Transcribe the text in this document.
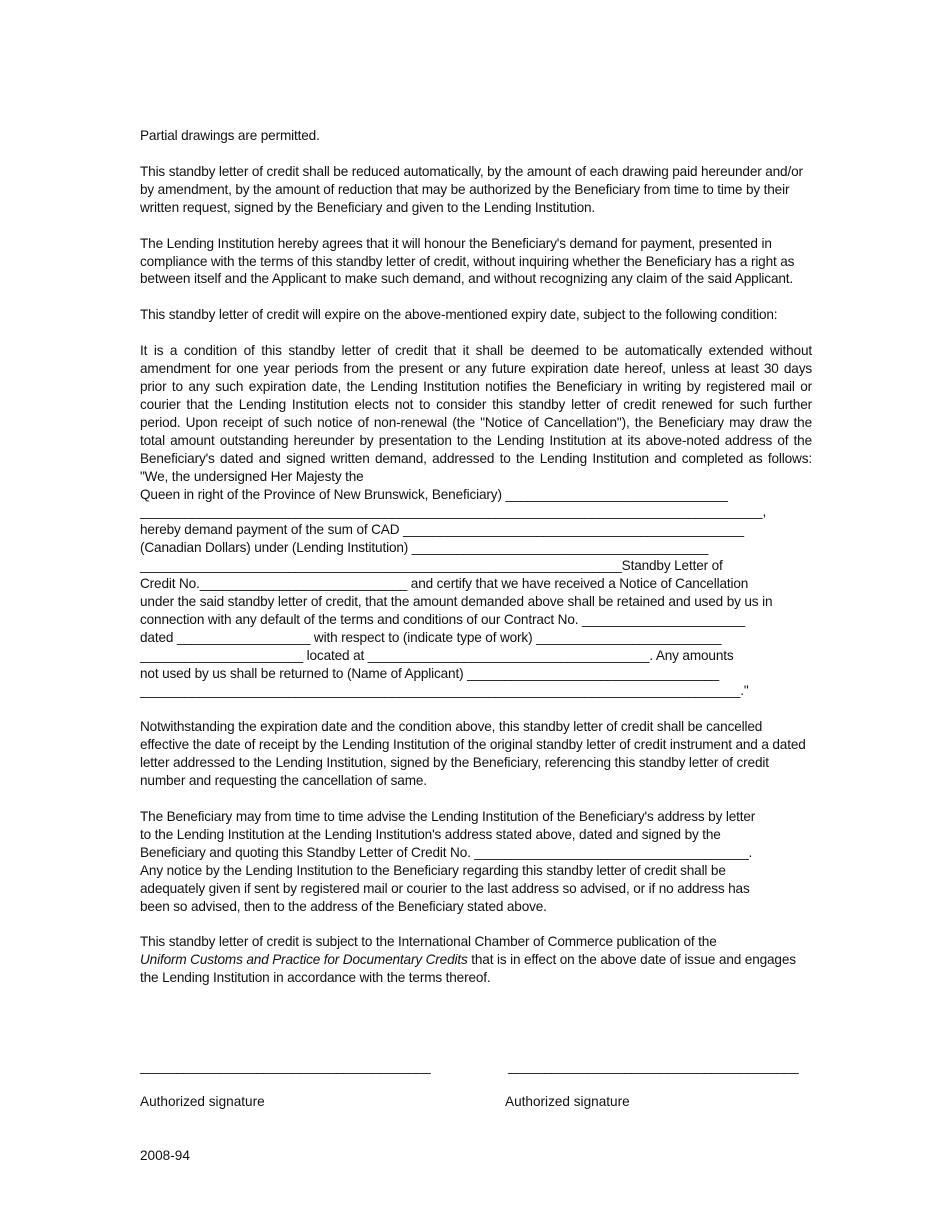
Partial drawings are permitted.

This standby letter of credit shall be reduced automatically, by the amount of each drawing paid hereunder and/or by amendment, by the amount of reduction that may be authorized by the Beneficiary from time to time by their written request, signed by the Beneficiary and given to the Lending Institution.

The Lending Institution hereby agrees that it will honour the Beneficiary's demand for payment, presented in compliance with the terms of this standby letter of credit, without inquiring whether the Beneficiary has a right as between itself and the Applicant to make such demand, and without recognizing any claim of the said Applicant.

This standby letter of credit will expire on the above-mentioned expiry date, subject to the following condition:

It is a condition of this standby letter of credit that it shall be deemed to be automatically extended without amendment for one year periods from the present or any future expiration date hereof, unless at least 30 days prior to any such expiration date, the Lending Institution notifies the Beneficiary in writing by registered mail or courier that the Lending Institution elects not to consider this standby letter of credit renewed for such further period. Upon receipt of such notice of non-renewal (the "Notice of Cancellation"), the Beneficiary may draw the total amount outstanding hereunder by presentation to the Lending Institution at its above-noted address of the Beneficiary's dated and signed written demand, addressed to the Lending Institution and completed as follows: "We, the undersigned Her Majesty the
Queen in right of the Province of New Brunswick, Beneficiary) ______________________________
____________________________________________________________________________________,
hereby demand payment of the sum of CAD ______________________________________________
(Canadian Dollars) under (Lending Institution) ________________________________________
_________________________________________________________________Standby Letter of
Credit No.____________________________ and certify that we have received a Notice of Cancellation
under the said standby letter of credit, that the amount demanded above shall be retained and used by us in
connection with any default of the terms and conditions of our Contract No. ______________________
dated __________________ with respect to (indicate type of work) _________________________
______________________ located at ______________________________________. Any amounts
not used by us shall be returned to (Name of Applicant) __________________________________
_________________________________________________________________________________."

Notwithstanding the expiration date and the condition above, this standby letter of credit shall be cancelled effective the date of receipt by the Lending Institution of the original standby letter of credit instrument and a dated letter addressed to the Lending Institution, signed by the Beneficiary, referencing this standby letter of credit number and requesting the cancellation of same.

The Beneficiary may from time to time advise the Lending Institution of the Beneficiary's address by letter
to the Lending Institution at the Lending Institution's address stated above, dated and signed by the
Beneficiary and quoting this Standby Letter of Credit No. _____________________________________.
Any notice by the Lending Institution to the Beneficiary regarding this standby letter of credit shall be
adequately given if sent by registered mail or courier to the last address so advised, or if no address has
been so advised, then to the address of the Beneficiary stated above.

This standby letter of credit is subject to the International Chamber of Commerce publication of the
Uniform Customs and Practice for Documentary Credits that is in effect on the above date of issue and engages the Lending Institution in accordance with the terms thereof.

________________________________________	________________________________________
Authorized signature	Authorized signature
2008-94
